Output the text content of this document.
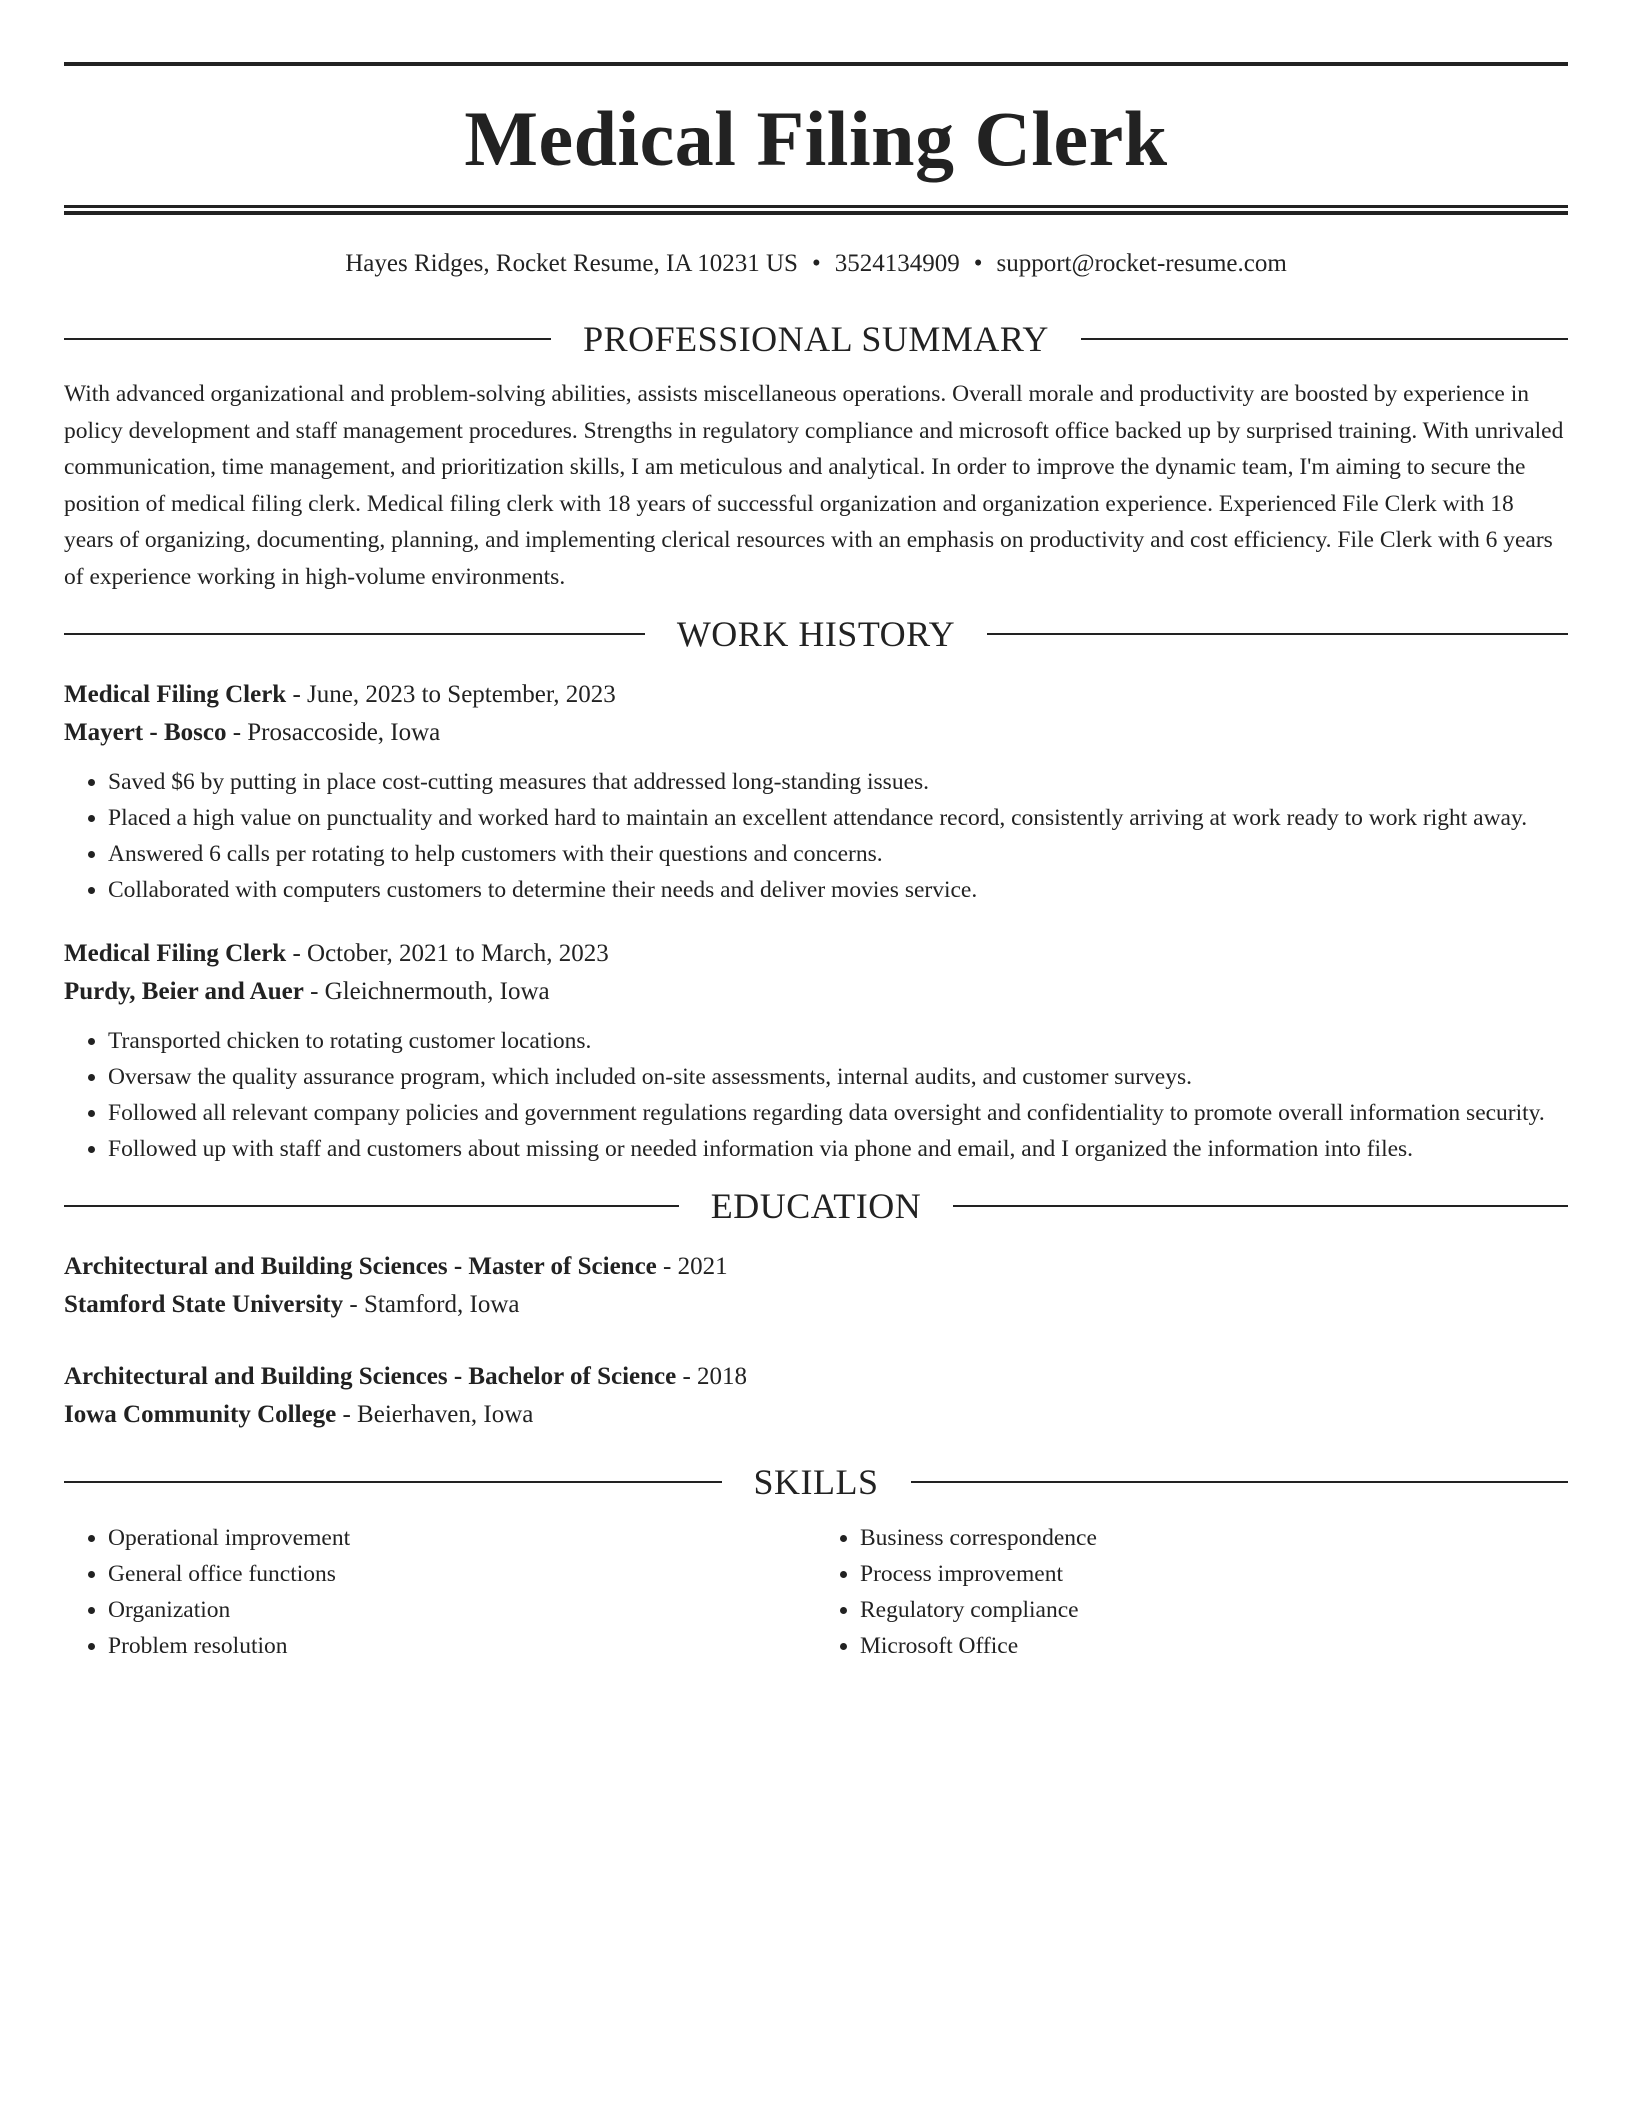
Medical Filing Clerk
Hayes Ridges, Rocket Resume, IA 10231 US • 3524134909 • support@rocket-resume.com
PROFESSIONAL SUMMARY

With advanced organizational and problem-solving abilities, assists miscellaneous operations. Overall morale and productivity are boosted by experience in policy development and staff management procedures. Strengths in regulatory compliance and microsoft office backed up by surprised training. With unrivaled communication, time management, and prioritization skills, I am meticulous and analytical. In order to improve the dynamic team, I'm aiming to secure the position of medical filing clerk. Medical filing clerk with 18 years of successful organization and organization experience. Experienced File Clerk with 18 years of organizing, documenting, planning, and implementing clerical resources with an emphasis on productivity and cost efficiency. File Clerk with 6 years of experience working in high-volume environments.

WORK HISTORY
Medical Filing Clerk - June, 2023 to September, 2023
Mayert - Bosco - Prosaccoside, Iowa
• Saved $6 by putting in place cost-cutting measures that addressed long-standing issues.
• Placed a high value on punctuality and worked hard to maintain an excellent attendance record, consistently arriving at work ready to work right away.
• Answered 6 calls per rotating to help customers with their questions and concerns.
• Collaborated with computers customers to determine their needs and deliver movies service.
Medical Filing Clerk - October, 2021 to March, 2023
Purdy, Beier and Auer - Gleichnermouth, Iowa
• Transported chicken to rotating customer locations.
• Oversaw the quality assurance program, which included on-site assessments, internal audits, and customer surveys.
• Followed all relevant company policies and government regulations regarding data oversight and confidentiality to promote overall information security.
• Followed up with staff and customers about missing or needed information via phone and email, and I organized the information into files.
EDUCATION
Architectural and Building Sciences - Master of Science - 2021
Stamford State University - Stamford, Iowa
Architectural and Building Sciences - Bachelor of Science - 2018
Iowa Community College - Beierhaven, Iowa
SKILLS
• Operational improvement
• General office functions
• Organization
• Problem resolution
• Business correspondence
• Process improvement
• Regulatory compliance
• Microsoft Office
